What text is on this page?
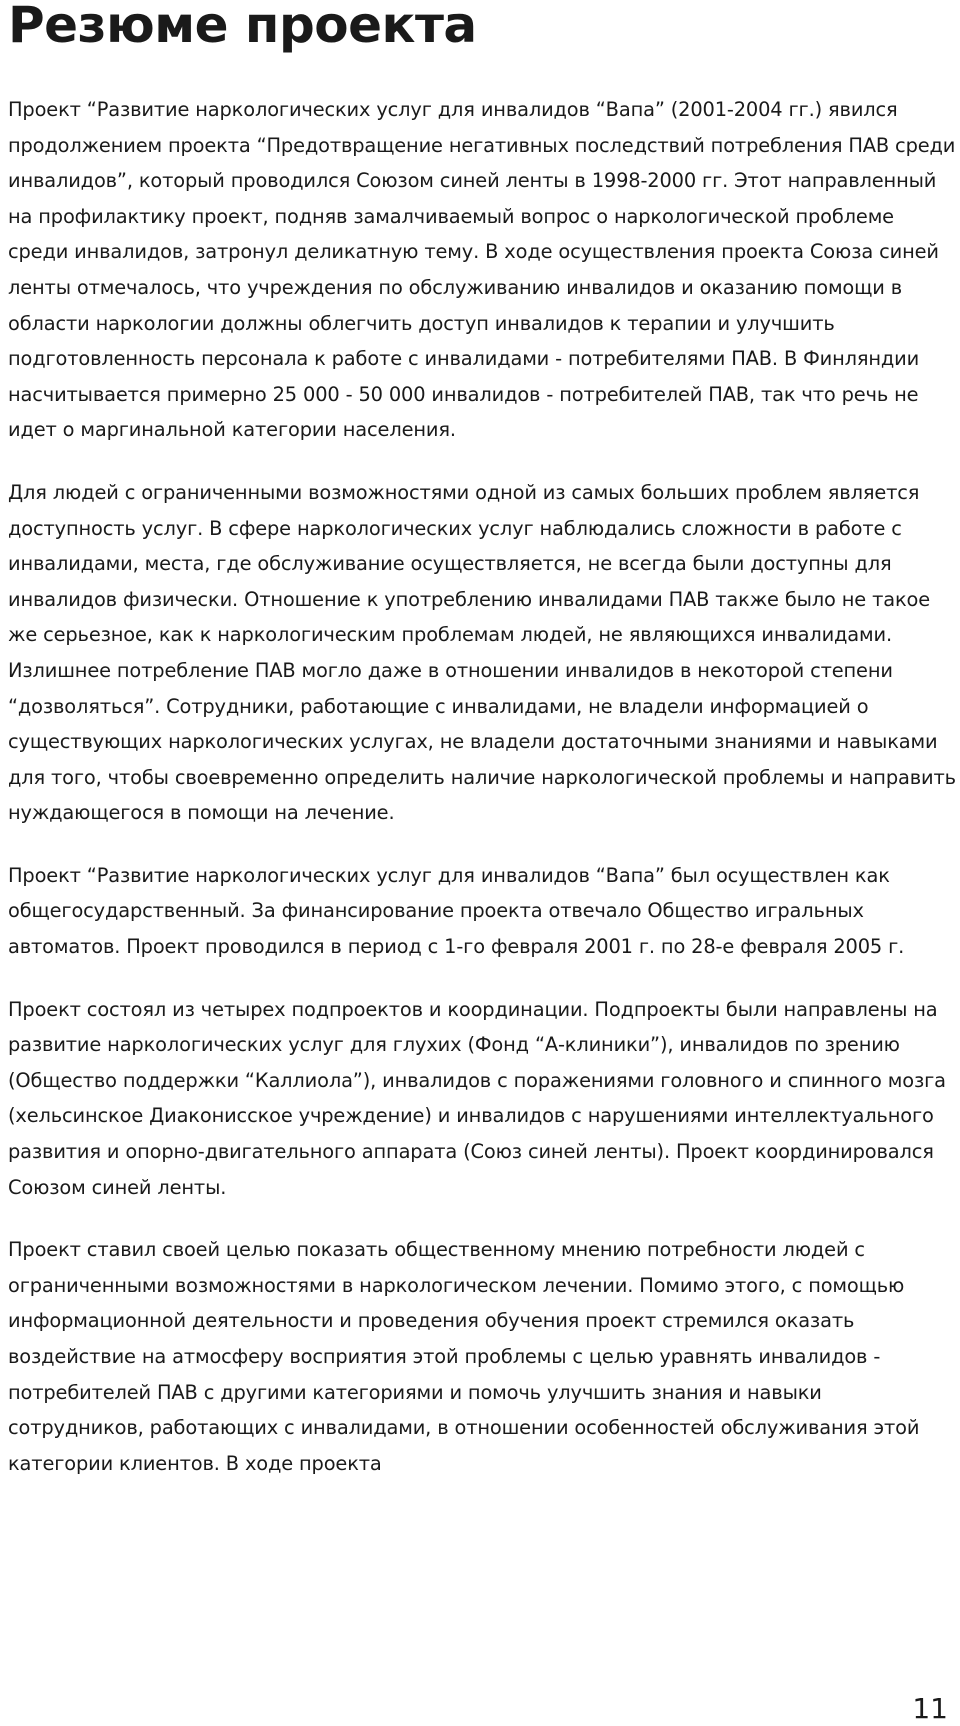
Резюме проекта

Проект “Развитие наркологических услуг для инвалидов “Вапа” (2001-2004 гг.) явился продолжением проекта “Предотвращение негативных последствий потребления ПАВ среди инвалидов”, который проводился Союзом синей ленты в 1998-2000 гг. Этот направленный на профилактику проект, подняв замалчиваемый вопрос о наркологической проблеме среди инвалидов, затронул деликатную тему. В ходе осуществления проекта Союза синей ленты отмечалось, что учреждения по обслуживанию инвалидов и оказанию помощи в области наркологии должны облегчить доступ инвалидов к терапии и улучшить подготовленность персонала к работе с инвалидами - потребителями ПАВ. В Финляндии насчитывается примерно 25 000 - 50 000 инвалидов - потребителей ПАВ, так что речь не идет о маргинальной категории населения.

Для людей с ограниченными возможностями одной из самых больших проблем является доступность услуг. В сфере наркологических услуг наблюдались сложности в работе с инвалидами, места, где обслуживание осуществляется, не всегда были доступны для инвалидов физически. Отношение к употреблению инвалидами ПАВ также было не такое же серьезное, как к наркологическим проблемам людей, не являющихся инвалидами. Излишнее потребление ПАВ могло даже в отношении инвалидов в некоторой степени “дозволяться”. Сотрудники, работающие с инвалидами, не владели информацией о существующих наркологических услугах, не владели достаточными знаниями и навыками для того, чтобы своевременно определить наличие наркологической проблемы и направить нуждающегося в помощи на лечение.

Проект “Развитие наркологических услуг для инвалидов “Вапа” был осуществлен как общегосударственный. За финансирование проекта отвечало Общество игральных автоматов. Проект проводился в период с 1-го февраля 2001 г. по 28-е февраля 2005 г.

Проект состоял из четырех подпроектов и координации. Подпроекты были направлены на развитие наркологических услуг для глухих (Фонд “А-клиники”), инвалидов по зрению (Общество поддержки “Каллиола”), инвалидов с поражениями головного и спинного мозга (хельсинское Диаконисское учреждение) и инвалидов с нарушениями интеллектуального развития и опорно-двигательного аппарата (Союз синей ленты). Проект координировался Союзом синей ленты.

Проект ставил своей целью показать общественному мнению потребности людей с ограниченными возможностями в наркологическом лечении. Помимо этого, с помощью информационной деятельности и проведения обучения проект стремился оказать воздействие на атмосферу восприятия этой проблемы с целью уравнять инвалидов - потребителей ПАВ с другими категориями и помочь улучшить знания и навыки сотрудников, работающих с инвалидами, в отношении особенностей обслуживания этой категории клиентов. В ходе проекта

11
